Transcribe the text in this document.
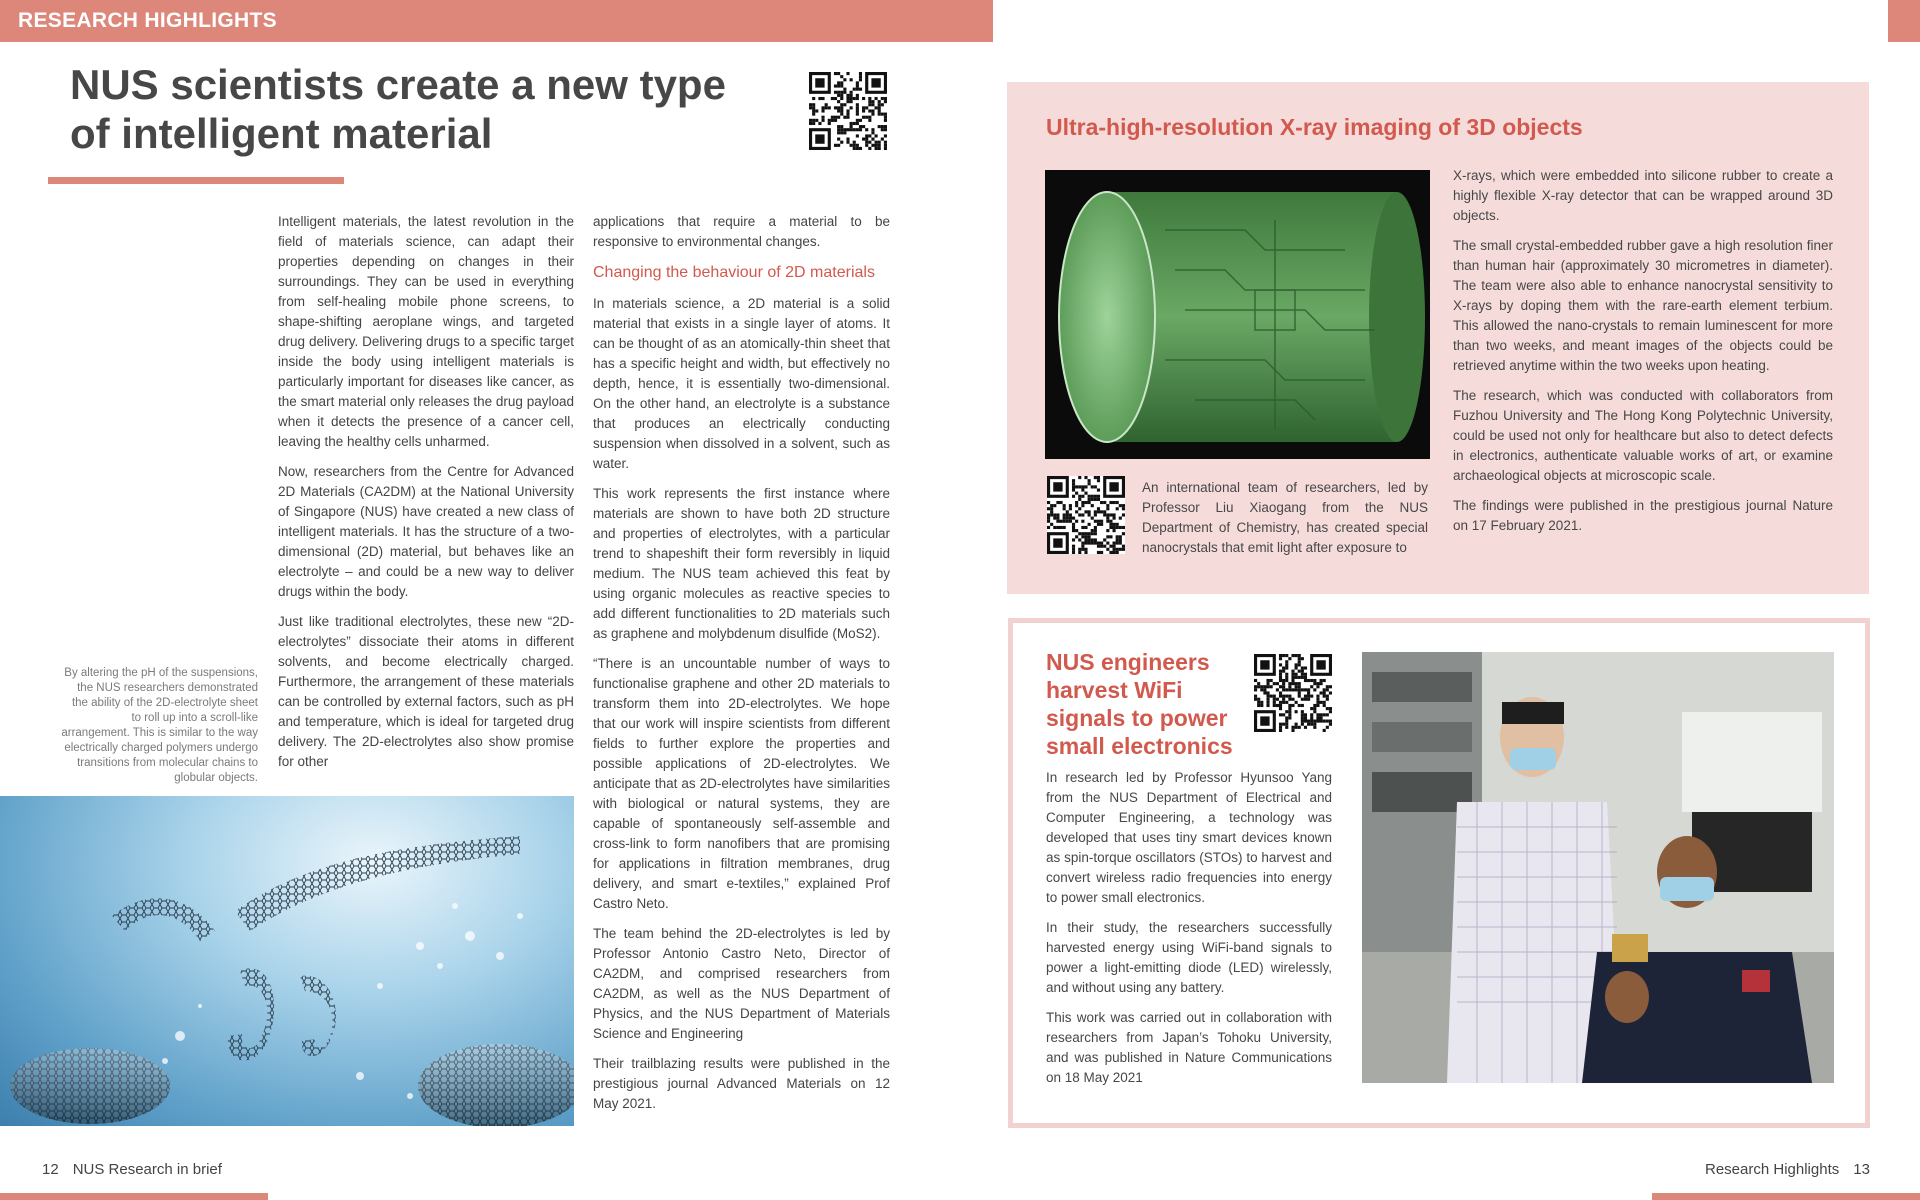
RESEARCH HIGHLIGHTS
NUS scientists create a new type of intelligent material

Intelligent materials, the latest revolution in the field of materials science, can adapt their properties depending on changes in their surroundings. They can be used in everything from self-healing mobile phone screens, to shape-shifting aeroplane wings, and targeted drug delivery. Delivering drugs to a specific target inside the body using intelligent materials is particularly important for diseases like cancer, as the smart material only releases the drug payload when it detects the presence of a cancer cell, leaving the healthy cells unharmed.

Now, researchers from the Centre for Advanced 2D Materials (CA2DM) at the National University of Singapore (NUS) have created a new class of intelligent materials. It has the structure of a two-dimensional (2D) material, but behaves like an electrolyte – and could be a new way to deliver drugs within the body.

Just like traditional electrolytes, these new “2D-electrolytes” dissociate their atoms in different solvents, and become electrically charged. Furthermore, the arrangement of these materials can be controlled by external factors, such as pH and temperature, which is ideal for targeted drug delivery. The 2D-electrolytes also show promise for other

applications that require a material to be responsive to environmental changes.

Changing the behaviour of 2D materials

In materials science, a 2D material is a solid material that exists in a single layer of atoms. It can be thought of as an atomically-thin sheet that has a specific height and width, but effectively no depth, hence, it is essentially two-dimensional. On the other hand, an electrolyte is a substance that produces an electrically conducting suspension when dissolved in a solvent, such as water.

This work represents the first instance where materials are shown to have both 2D structure and properties of electrolytes, with a particular trend to shapeshift their form reversibly in liquid medium. The NUS team achieved this feat by using organic molecules as reactive species to add different functionalities to 2D materials such as graphene and molybdenum disulfide (MoS2).

“There is an uncountable number of ways to functionalise graphene and other 2D materials to transform them into 2D-electrolytes. We hope that our work will inspire scientists from different fields to further explore the properties and possible applications of 2D-electrolytes. We anticipate that as 2D-electrolytes have similarities with biological or natural systems, they are capable of spontaneously self-assemble and cross-link to form nanofibers that are promising for applications in filtration membranes, drug delivery, and smart e-textiles,” explained Prof Castro Neto.

The team behind the 2D-electrolytes is led by Professor Antonio Castro Neto, Director of CA2DM, and comprised researchers from CA2DM, as well as the NUS Department of Physics, and the NUS Department of Materials Science and Engineering

Their trailblazing results were published in the prestigious journal Advanced Materials on 12 May 2021.

By altering the pH of the suspensions, the NUS researchers demonstrated the ability of the 2D-electrolyte sheet to roll up into a scroll-like arrangement. This is similar to the way electrically charged polymers undergo transitions from molecular chains to globular objects.
Ultra-high-resolution X-ray imaging of 3D objects
An international team of researchers, led by Professor Liu Xiaogang from the NUS Department of Chemistry, has created special nanocrystals that emit light after exposure to

X-rays, which were embedded into silicone rubber to create a highly flexible X-ray detector that can be wrapped around 3D objects.

The small crystal-embedded rubber gave a high resolution finer than human hair (approximately 30 micrometres in diameter). The team were also able to enhance nanocrystal sensitivity to X-rays by doping them with the rare-earth element terbium. This allowed the nano-crystals to remain luminescent for more than two weeks, and meant images of the objects could be retrieved anytime within the two weeks upon heating.

The research, which was conducted with collaborators from Fuzhou University and The Hong Kong Polytechnic University, could be used not only for healthcare but also to detect defects in electronics, authenticate valuable works of art, or examine archaeological objects at microscopic scale.

The findings were published in the prestigious journal Nature on 17 February 2021.

NUS engineers harvest WiFi signals to power small electronics

In research led by Professor Hyunsoo Yang from the NUS Department of Electrical and Computer Engineering, a technology was developed that uses tiny smart devices known as spin-torque oscillators (STOs) to harvest and convert wireless radio frequencies into energy to power small electronics.

In their study, the researchers successfully harvested energy using WiFi-band signals to power a light-emitting diode (LED) wirelessly, and without using any battery.

This work was carried out in collaboration with researchers from Japan’s Tohoku University, and was published in Nature Communications on 18 May 2021

12 NUS Research in brief	Research Highlights 13
